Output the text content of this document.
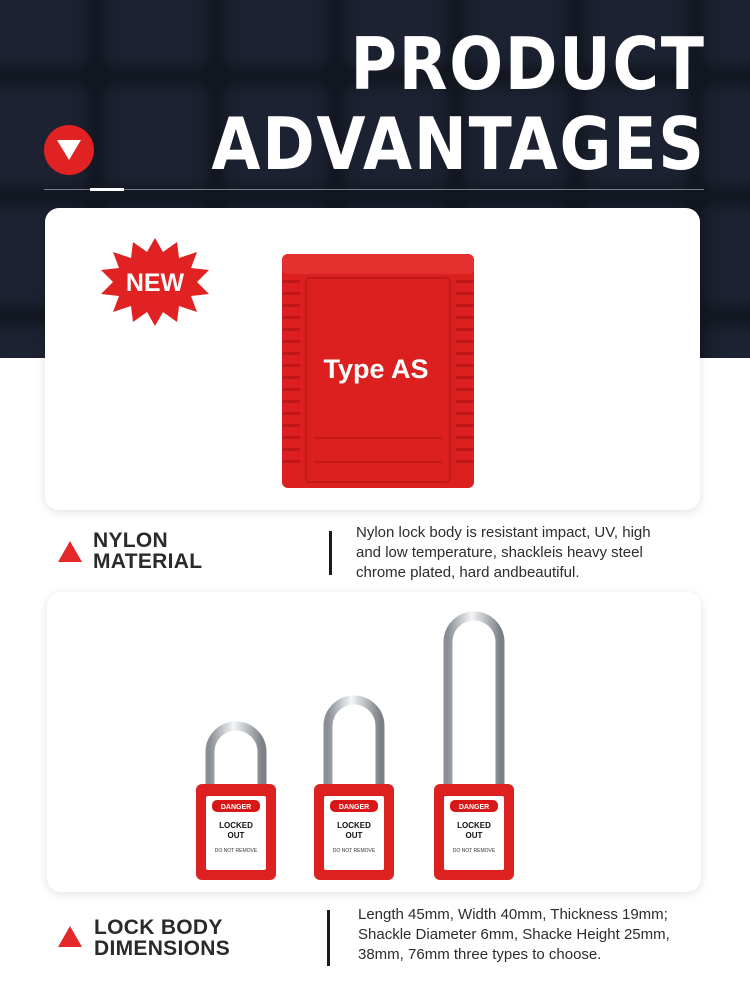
PRODUCT
ADVANTAGES
NEW
Type AS
NYLON
MATERIAL
Nylon lock body is resistant impact, UV, high
and low temperature, shackleis heavy steel
chrome plated, hard andbeautiful.
DANGER
LOCKED
OUT
DO NOT REMOVE
DANGER
LOCKED
OUT
DO NOT REMOVE
DANGER
LOCKED
OUT
DO NOT REMOVE
LOCK BODY
DIMENSIONS
Length 45mm, Width 40mm, Thickness 19mm;
Shackle Diameter 6mm, Shacke Height 25mm,
38mm, 76mm three types to choose.
